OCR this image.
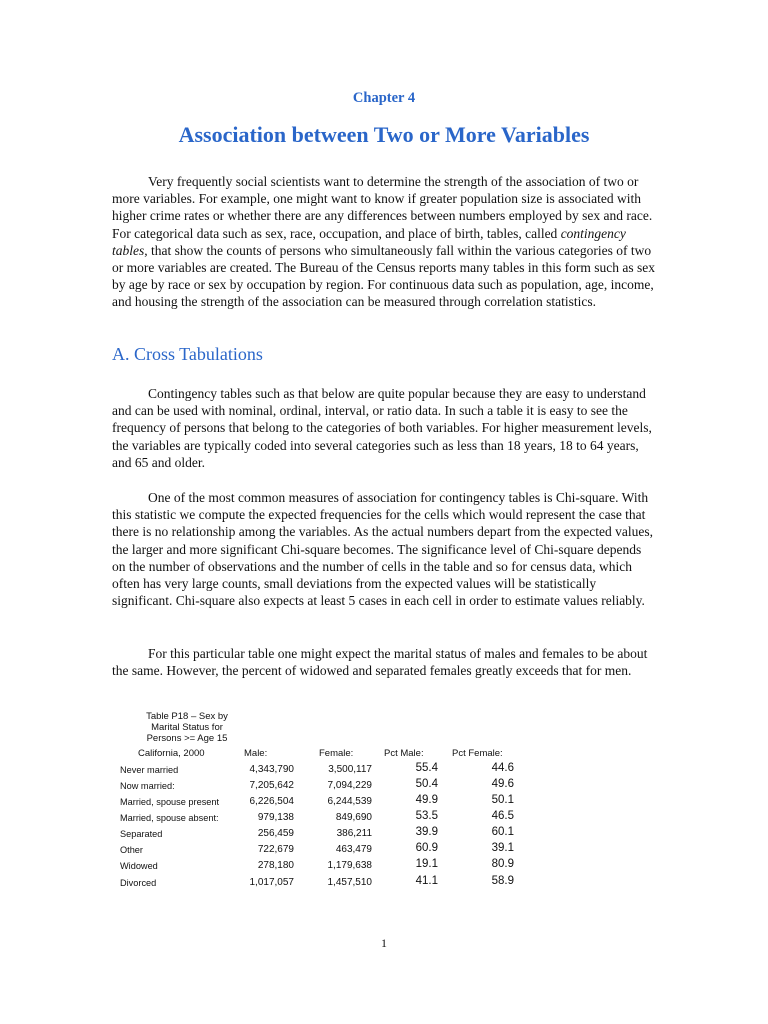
Chapter 4
Association between Two or More Variables

Very frequently social scientists want to determine the strength of the association of two or more variables. For example, one might want to know if greater population size is associated with higher crime rates or whether there are any differences between numbers employed by sex and race. For categorical data such as sex, race, occupation, and place of birth, tables, called contingency tables, that show the counts of persons who simultaneously fall within the various categories of two or more variables are created. The Bureau of the Census reports many tables in this form such as sex by age by race or sex by occupation by region. For continuous data such as population, age, income, and housing the strength of the association can be measured through correlation statistics.

A. Cross Tabulations

Contingency tables such as that below are quite popular because they are easy to understand and can be used with nominal, ordinal, interval, or ratio data. In such a table it is easy to see the frequency of persons that belong to the categories of both variables. For higher measurement levels, the variables are typically coded into several categories such as less than 18 years, 18 to 64 years, and 65 and older.

One of the most common measures of association for contingency tables is Chi-square. With this statistic we compute the expected frequencies for the cells which would represent the case that there is no relationship among the variables. As the actual numbers depart from the expected values, the larger and more significant Chi-square becomes. The significance level of Chi-square depends on the number of observations and the number of cells in the table and so for census data, which often has very large counts, small deviations from the expected values will be statistically significant. Chi-square also expects at least 5 cases in each cell in order to estimate values reliably.

For this particular table one might expect the marital status of males and females to be about the same. However, the percent of widowed and separated females greatly exceeds that for men.

Table P18 – Sex by
Marital Status for
Persons >= Age 15
California, 2000	Male:	Female:	Pct Male:	Pct Female:
Never married	4,343,790	3,500,117	55.4	44.6
Now married:	7,205,642	7,094,229	50.4	49.6
Married, spouse present	6,226,504	6,244,539	49.9	50.1
Married, spouse absent:	979,138	849,690	53.5	46.5
Separated	256,459	386,211	39.9	60.1
Other	722,679	463,479	60.9	39.1
Widowed	278,180	1,179,638	19.1	80.9
Divorced	1,017,057	1,457,510	41.1	58.9
1
